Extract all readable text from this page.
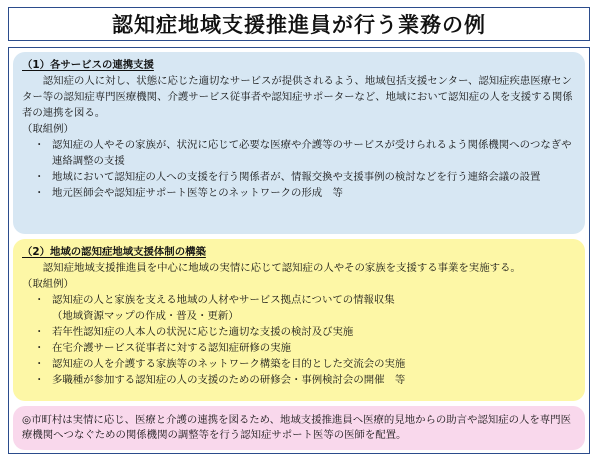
認知症地域支援推進員が行う業務の例
（1）各サービスの連携支援

認知症の人に対し、状態に応じた適切なサービスが提供されるよう、地域包括支援センター、認知症疾患医療センター等の認知症専門医療機関、介護サービス従事者や認知症サポーターなど、地域において認知症の人を支援する関係者の連携を図る。

（取組例）

・ 認知症の人やその家族が、状況に応じて必要な医療や介護等のサービスが受けられるよう関係機関へのつなぎや連絡調整の支援
・ 地域において認知症の人への支援を行う関係者が、情報交換や支援事例の検討などを行う連絡会議の設置
・ 地元医師会や認知症サポート医等とのネットワークの形成　等
（2）地域の認知症地域支援体制の構築

認知症地域支援推進員を中心に地域の実情に応じて認知症の人やその家族を支援する事業を実施する。

（取組例）

・ 認知症の人と家族を支える地域の人材やサービス拠点についての情報収集
（地域資源マップの作成・普及・更新）
・ 若年性認知症の人本人の状況に応じた適切な支援の検討及び実施
・ 在宅介護サービス従事者に対する認知症研修の実施
・ 認知症の人を介護する家族等のネットワーク構築を目的とした交流会の実施
・ 多職種が参加する認知症の人の支援のための研修会・事例検討会の開催　等

◎市町村は実情に応じ、医療と介護の連携を図るため、地域支援推進員へ医療的見地からの助言や認知症の人を専門医療機関へつなぐための関係機関の調整等を行う認知症サポート医等の医師を配置。
